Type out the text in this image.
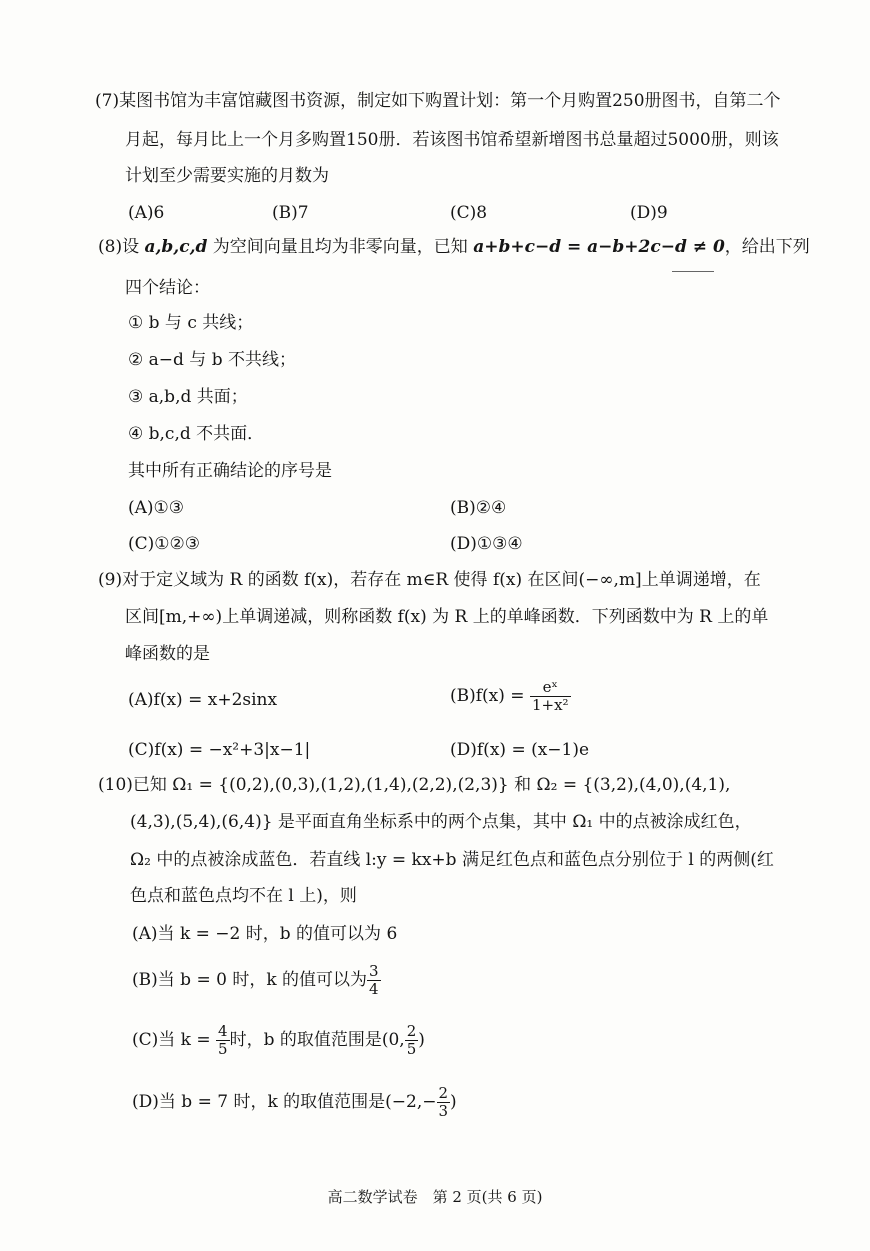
(7)某图书馆为丰富馆藏图书资源，制定如下购置计划：第一个月购置250册图书，自第二个
月起，每月比上一个月多购置150册．若该图书馆希望新增图书总量超过5000册，则该
计划至少需要实施的月数为
(A)6	(B)7	(C)8	(D)9
(8)设 a,b,c,d 为空间向量且均为非零向量，已知 a+b+c−d = a−b+2c−d ≠ 0，给出下列
四个结论：
① b 与 c 共线；
② a−d 与 b 不共线；
③ a,b,d 共面；
④ b,c,d 不共面．
其中所有正确结论的序号是
(A)①③	(B)②④
(C)①②③	(D)①③④
(9)对于定义域为 R 的函数 f(x)，若存在 m∈R 使得 f(x) 在区间(−∞,m]上单调递增，在
区间[m,+∞)上单调递减，则称函数 f(x) 为 R 上的单峰函数．下列函数中为 R 上的单
峰函数的是
(A)f(x) = x+2sinx	$(B)f(x) = \frac{\text{eˣ}}{\text{1+x²}}$
(C)f(x) = −x²+3|x−1|	(D)f(x) = (x−1)e
(10)已知 Ω₁ = {(0,2),(0,3),(1,2),(1,4),(2,2),(2,3)} 和 Ω₂ = {(3,2),(4,0),(4,1),
(4,3),(5,4),(6,4)} 是平面直角坐标系中的两个点集，其中 Ω₁ 中的点被涂成红色，
Ω₂ 中的点被涂成蓝色．若直线 l:y = kx+b 满足红色点和蓝色点分别位于 l 的两侧(红
色点和蓝色点均不在 l 上)，则
(A)当 k = −2 时，b 的值可以为 6
(B)当 b = 0 时，k 的值可以为 $\frac{3}{4}$
(C)当 $k = \frac{4}{5}$ 时，b 的取值范围是(0, $\frac{2}{5}$ )
(D)当 b = 7 时，k 的取值范围是($-2,- \frac{2}{3}$ )
高二数学试卷　第 2 页(共 6 页)
